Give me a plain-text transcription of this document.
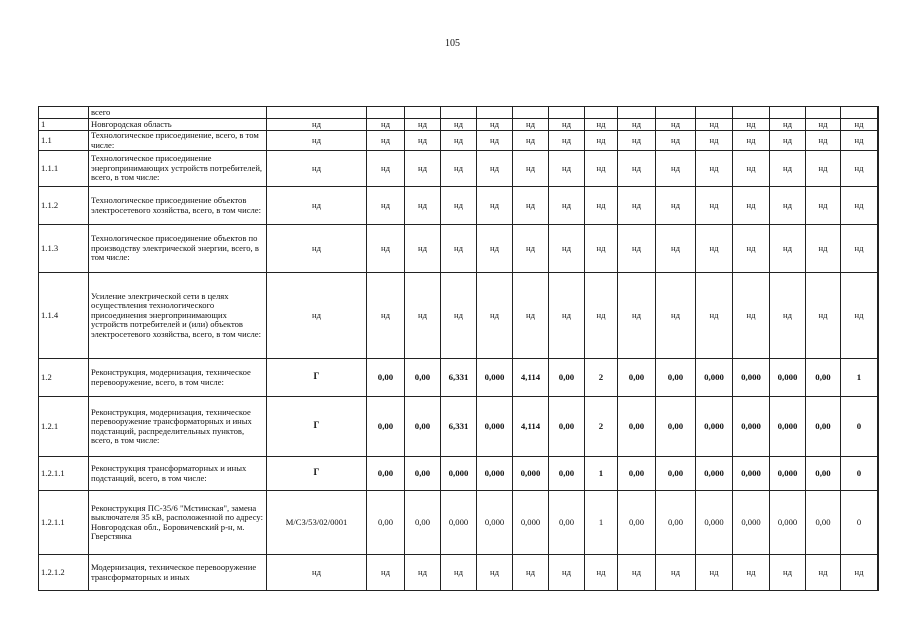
105
	всего																
1	Новгородская область	нд	нд	нд	нд	нд	нд	нд	нд	нд	нд	нд	нд	нд	нд	нд	
1.1	Технологическое присоединение, всего, в том числе:	нд	нд	нд	нд	нд	нд	нд	нд	нд	нд	нд	нд	нд	нд	нд	
1.1.1	Технологическое присоединение энергопринимающих устройств потребителей, всего, в том числе:	нд	нд	нд	нд	нд	нд	нд	нд	нд	нд	нд	нд	нд	нд	нд	
1.1.2	Технологическое присоединение объектов электросетевого хозяйства, всего, в том числе:	нд	нд	нд	нд	нд	нд	нд	нд	нд	нд	нд	нд	нд	нд	нд	
1.1.3	Технологическое присоединение объектов по производству электрической энергии, всего, в том числе:	нд	нд	нд	нд	нд	нд	нд	нд	нд	нд	нд	нд	нд	нд	нд	
1.1.4	Усиление электрической сети в целях осуществления технологического присоединения энергопринимающих устройств потребителей и (или) объектов электросетевого хозяйства, всего, в том числе:	нд	нд	нд	нд	нд	нд	нд	нд	нд	нд	нд	нд	нд	нд	нд	
1.2	Реконструкция, модернизация, техническое перевооружение, всего, в том числе:	Г	0,00	0,00	6,331	0,000	4,114	0,00	2	0,00	0,00	0,000	0,000	0,000	0,00	1	
1.2.1	Реконструкция, модернизация, техническое перевооружение трансформаторных и иных подстанций, распределительных пунктов, всего, в том числе:	Г	0,00	0,00	6,331	0,000	4,114	0,00	2	0,00	0,00	0,000	0,000	0,000	0,00	0	
1.2.1.1	Реконструкция трансформаторных и иных подстанций, всего, в том числе:	Г	0,00	0,00	0,000	0,000	0,000	0,00	1	0,00	0,00	0,000	0,000	0,000	0,00	0	
1.2.1.1	Реконструкция ПС-35/6 "Мстинская", замена выключателя 35 кВ, расположенной по адресу: Новгородская обл., Боровичевский р-н, м. Гверстянка	М/СЗ/53/02/0001	0,00	0,00	0,000	0,000	0,000	0,00	1	0,00	0,00	0,000	0,000	0,000	0,00	0	
1.2.1.2	Модернизация, техническое перевооружение трансформаторных и иных	нд	нд	нд	нд	нд	нд	нд	нд	нд	нд	нд	нд	нд	нд	нд	
